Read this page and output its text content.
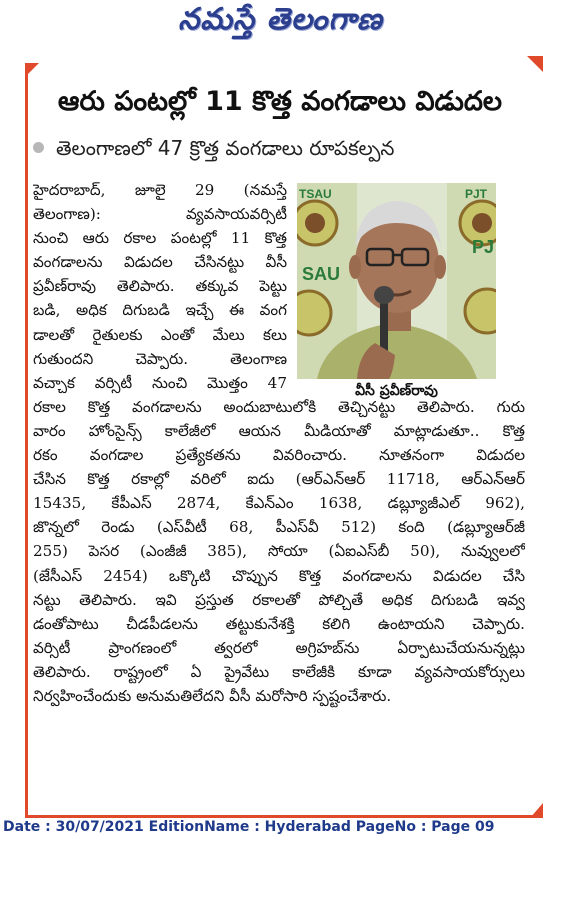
నమస్తే తెలంగాణ
ఆరు పంటల్లో 11 కొత్త వంగడాలు విడుదల
తెలంగాణలో 47 క్రొత్త వంగడాలు రూపకల్పన
TSAU
SAU
PJT
PJ
వీసీ ప్రవీణ్‌రావు
హైదరాబాద్, జూలై 29 (నమస్తే
తెలంగాణ): వ్యవసాయవర్సిటీ
నుంచి ఆరు రకాల పంటల్లో 11 కొత్త
వంగడాలను విడుదల చేసినట్టు వీసీ
ప్రవీణ్‌రావు తెలిపారు. తక్కువ పెట్టు
బడి, అధిక దిగుబడి ఇచ్చే ఈ వంగ
డాలతో రైతులకు ఎంతో మేలు కలు
గుతుందని చెప్పారు. తెలంగాణ
వచ్చాక వర్సిటీ నుంచి మొత్తం 47
రకాల కొత్త వంగడాలను అందుబాటులోకి తెచ్చినట్టు తెలిపారు. గురు
వారం హోంసైన్స్ కాలేజీలో ఆయన మీడియాతో మాట్లాడుతూ.. కొత్త
రకం వంగడాల ప్రత్యేకతను వివరించారు. నూతనంగా విడుదల
చేసిన కొత్త రకాల్లో వరిలో ఐదు (ఆర్ఎన్ఆర్ 11718, ఆర్ఎన్ఆర్
15435, కేపీఎస్ 2874, కేఎన్ఎం 1638, డబ్ల్యూజీఎల్ 962),
జొన్నలో రెండు (ఎస్‌వీటీ 68, పీఎస్‌వీ 512) కంది (డబ్ల్యూఆర్‌జీ
255) పెసర (ఎంజీజీ 385), సోయా (ఏఐఎస్‌బీ 50), నువ్వులలో
(జేసీఎస్ 2454) ఒక్కొటి చొప్పున కొత్త వంగడాలను విడుదల చేసి
నట్టు తెలిపారు. ఇవి ప్రస్తుత రకాలతో పోల్చితే అధిక దిగుబడి ఇవ్వ
డంతోపాటు చీడపీడలను తట్టుకునేశక్తి కలిగి ఉంటాయని చెప్పారు.
వర్సిటీ ప్రాంగణంలో త్వరలో అగ్రిహబ్‌ను ఏర్పాటుచేయనున్నట్లు
తెలిపారు. రాష్ట్రంలో ఏ ప్రైవేటు కాలేజీకి కూడా వ్యవసాయకోర్సులు
నిర్వహించేందుకు అనుమతిలేదని వీసీ మరోసారి స్పష్టంచేశారు.
Date : 30/07/2021 EditionName : Hyderabad PageNo : Page 09
